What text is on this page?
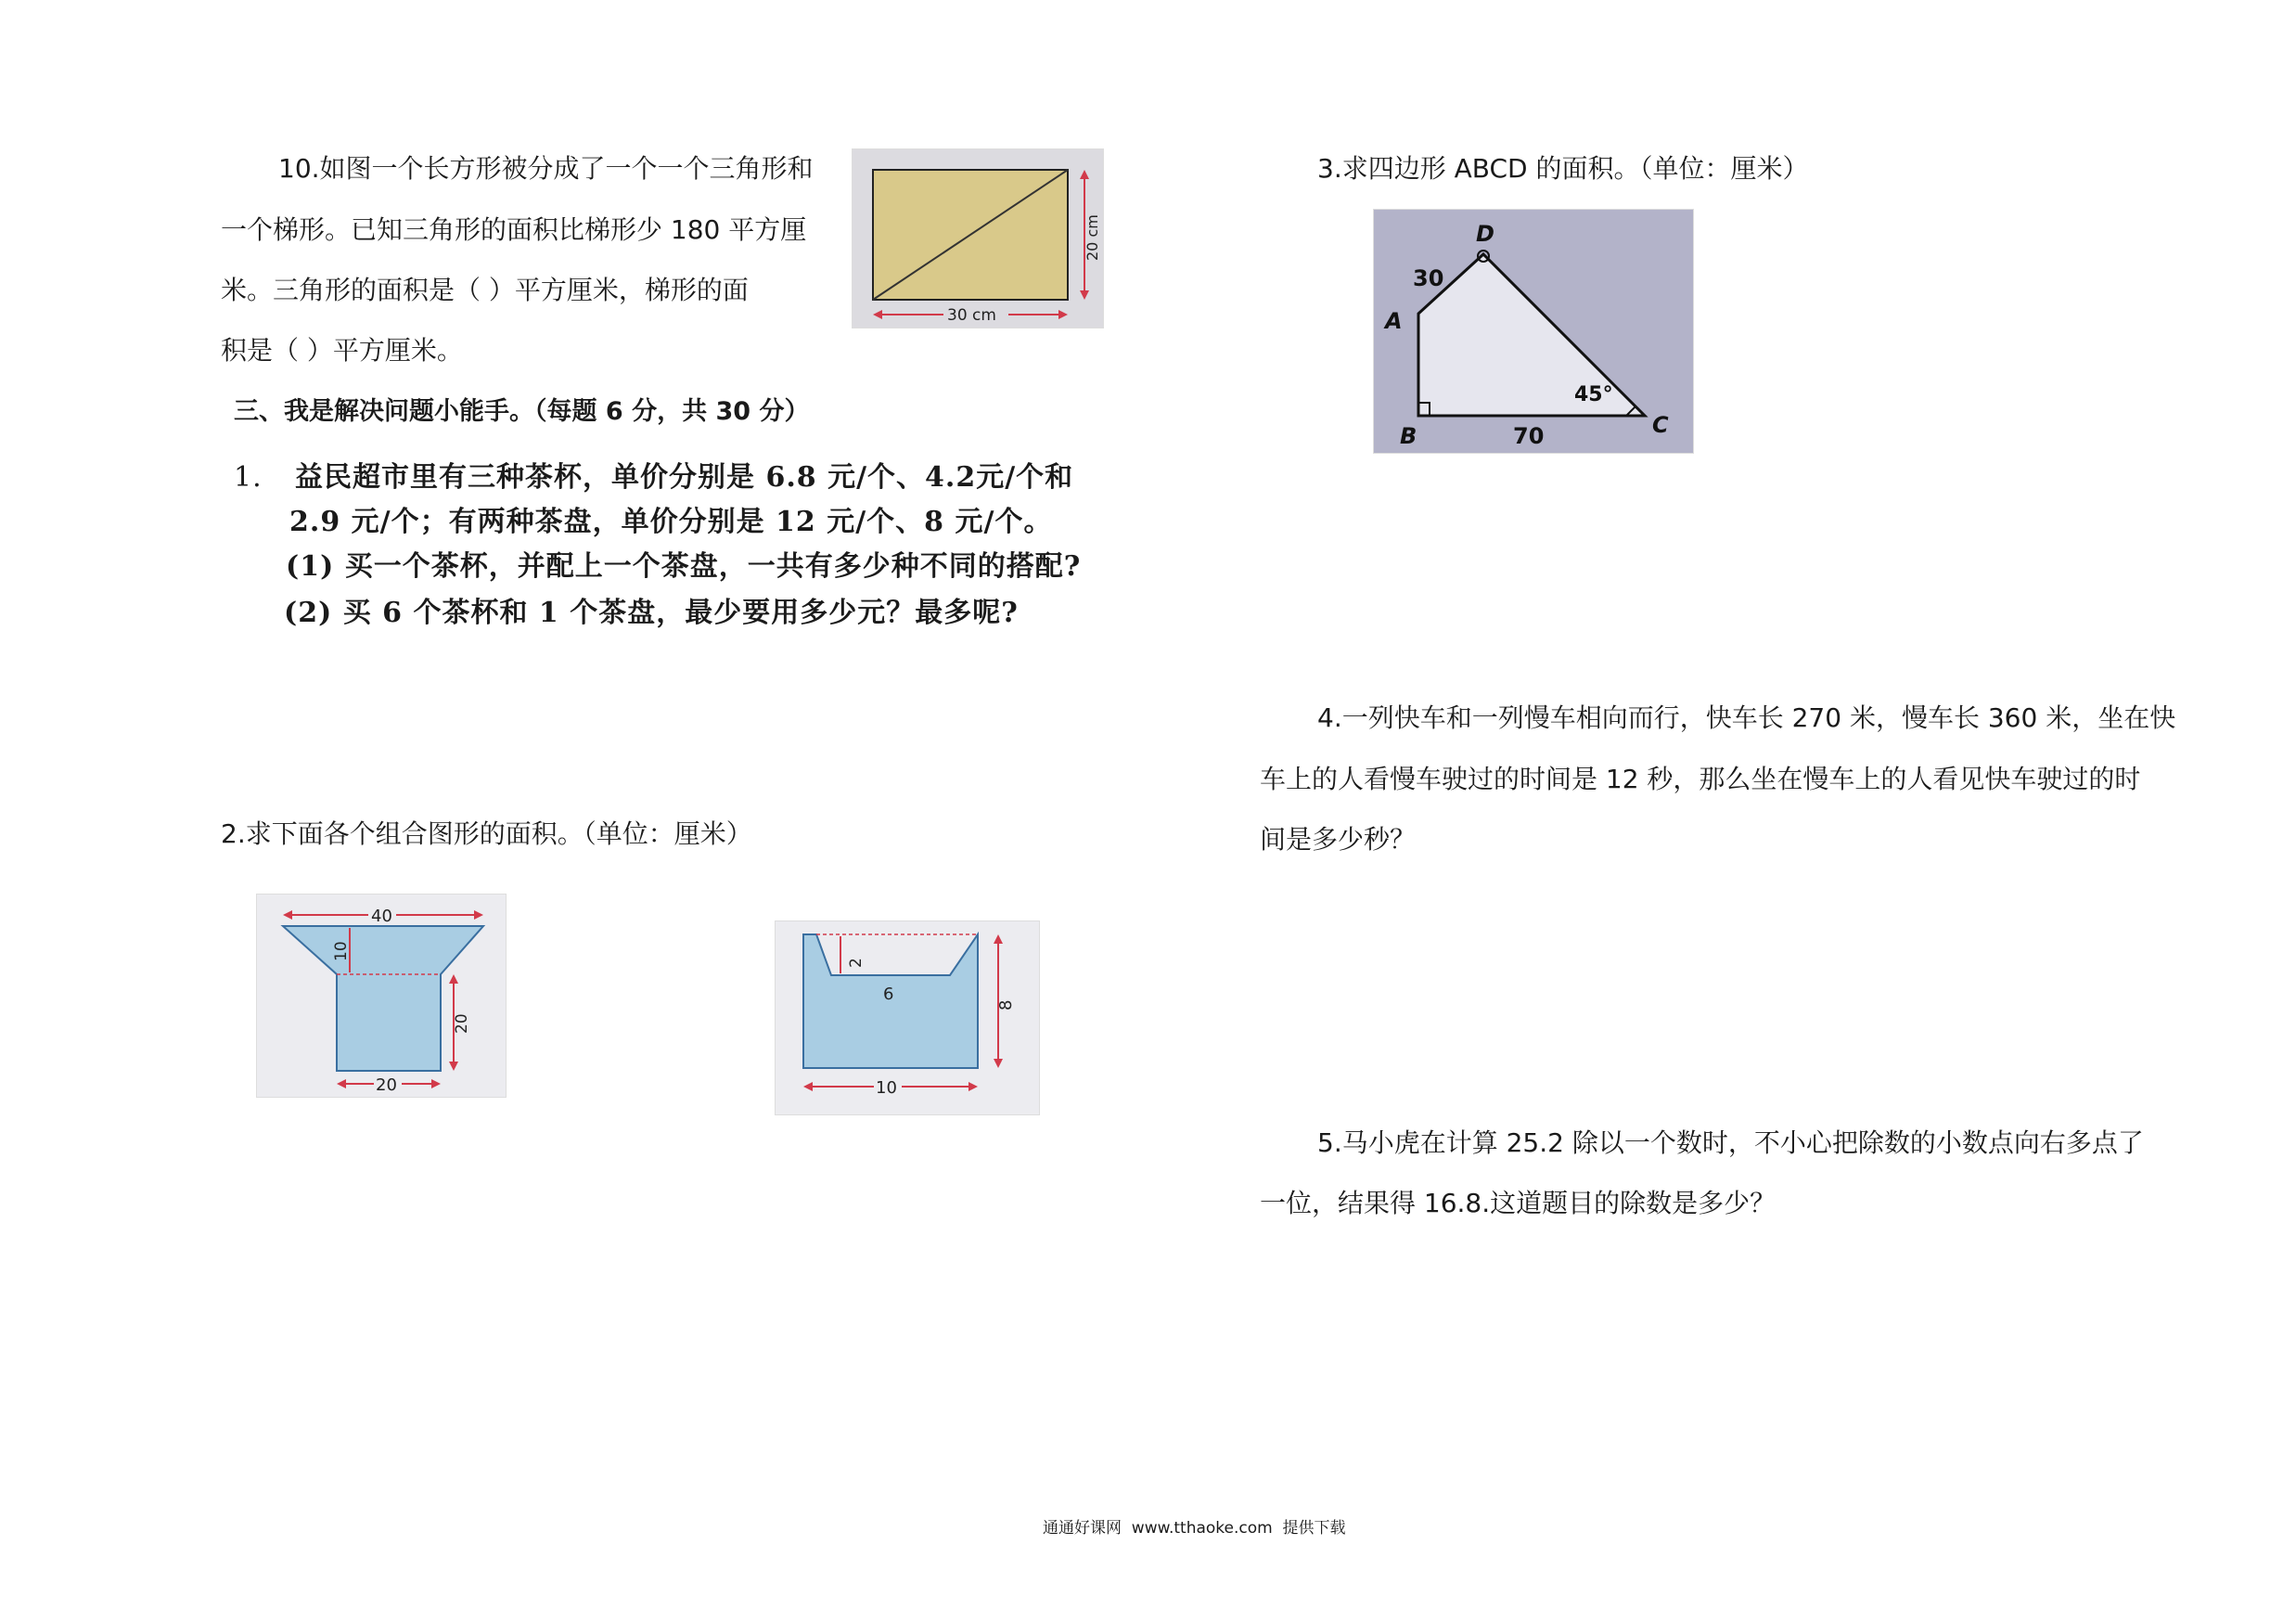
10.如图一个长方形被分成了一个一个三角形和
一个梯形。已知三角形的面积比梯形少 180 平方厘
米。三角形的面积是（ ）平方厘米，梯形的面
积是（ ）平方厘米。
20 cm
30 cm
三、我是解决问题小能手。（每题 6 分，共 30 分）
1. 益民超市里有三种茶杯，单价分别是 6.8 元/个、4.2元/个和
2.9 元/个；有两种茶盘，单价分别是 12 元/个、8 元/个。
(1) 买一个茶杯，并配上一个茶盘，一共有多少种不同的搭配?
(2) 买 6 个茶杯和 1 个茶盘，最少要用多少元？最多呢?
2.求下面各个组合图形的面积。（单位：厘米）
40
10
20
20
2
6
8
10
3.求四边形 ABCD 的面积。（单位：厘米）
A
B	C
D
30
70
45°
4.一列快车和一列慢车相向而行，快车长 270 米，慢车长 360 米，坐在快
车上的人看慢车驶过的时间是 12 秒，那么坐在慢车上的人看见快车驶过的时
间是多少秒？
5.马小虎在计算 25.2 除以一个数时，不小心把除数的小数点向右多点了
一位，结果得 16.8.这道题目的除数是多少？
通通好课网  www.tthaoke.com  提供下载
